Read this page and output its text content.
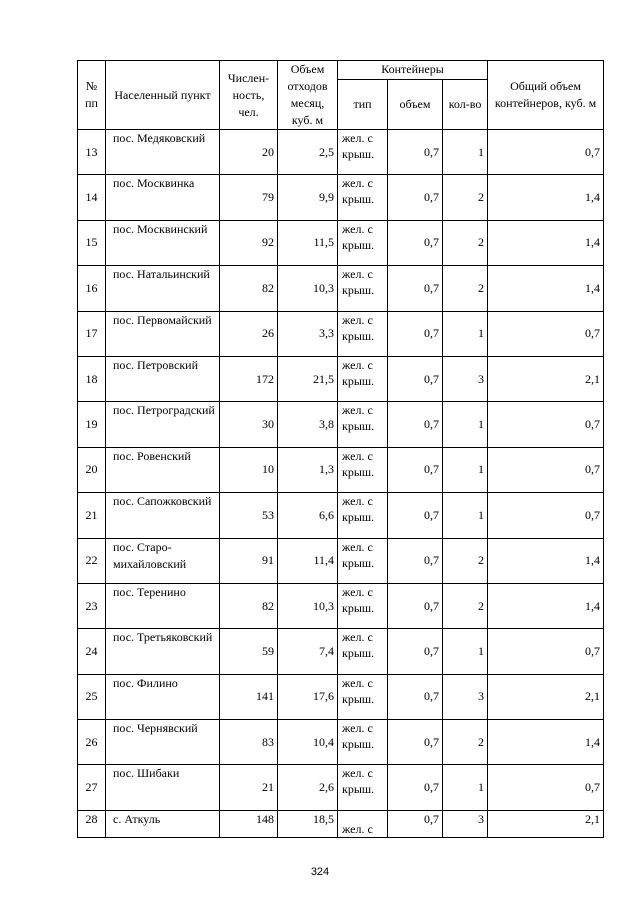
№ пп	Населенный пункт	Числен-ность, чел.	Объем отходов месяц, куб. м	Контейнеры			Общий объем контейнеров, куб. м
				тип	объем	кол-во	
13	пос. Медяковский	20	2,5	жел. с крыш.	0,7	1	0,7
14	пос. Москвинка	79	9,9	жел. с крыш.	0,7	2	1,4
15	пос. Москвинский	92	11,5	жел. с крыш.	0,7	2	1,4
16	пос. Натальинский	82	10,3	жел. с крыш.	0,7	2	1,4
17	пос. Первомайский	26	3,3	жел. с крыш.	0,7	1	0,7
18	пос. Петровский	172	21,5	жел. с крыш.	0,7	3	2,1
19	пос. Петроградский	30	3,8	жел. с крыш.	0,7	1	0,7
20	пос. Ровенский	10	1,3	жел. с крыш.	0,7	1	0,7
21	пос. Сапожковский	53	6,6	жел. с крыш.	0,7	1	0,7
22	пос. Старо-михайловский	91	11,4	жел. с крыш.	0,7	2	1,4
23	пос. Теренино	82	10,3	жел. с крыш.	0,7	2	1,4
24	пос. Третьяковский	59	7,4	жел. с крыш.	0,7	1	0,7
25	пос. Филино	141	17,6	жел. с крыш.	0,7	3	2,1
26	пос. Чернявский	83	10,4	жел. с крыш.	0,7	2	1,4
27	пос. Шибаки	21	2,6	жел. с крыш.	0,7	1	0,7
28	с. Аткуль	148	18,5	жел. с	0,7	3	2,1
324
